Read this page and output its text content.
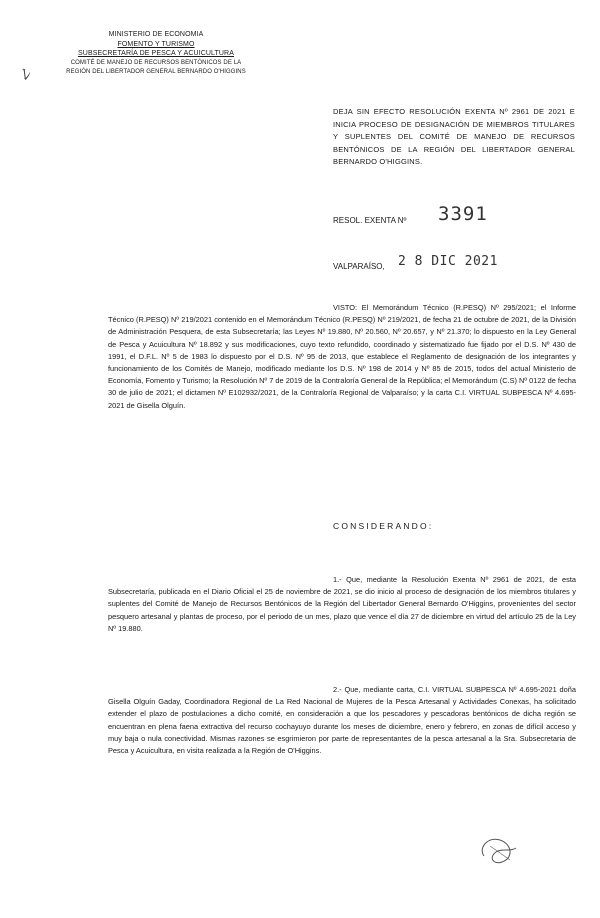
ﾚ
MINISTERIO DE ECONOMIA
FOMENTO Y TURISMO
SUBSECRETARÍA DE PESCA Y ACUICULTURA
COMITÉ DE MANEJO DE RECURSOS BENTÓNICOS DE LA
REGIÓN DEL LIBERTADOR GENERAL BERNARDO O'HIGGINS
DEJA SIN EFECTO RESOLUCIÓN EXENTA Nº 2961 DE 2021 E INICIA PROCESO DE DESIGNACIÓN DE MIEMBROS TITULARES Y SUPLENTES DEL COMITÉ DE MANEJO DE RECURSOS BENTÓNICOS DE LA REGIÓN DEL LIBERTADOR GENERAL BERNARDO O'HIGGINS.
RESOL. EXENTA Nº 3391
VALPARAÍSO, 2 8 DIC 2021
VISTO: El Memorándum Técnico (R.PESQ) Nº 295/2021; el Informe Técnico (R.PESQ) Nº 219/2021 contenido en el Memorándum Técnico (R.PESQ) Nº 219/2021, de fecha 21 de octubre de 2021, de la División de Administración Pesquera, de esta Subsecretaría; las Leyes Nº 19.880, Nº 20.560, Nº 20.657, y Nº 21.370; lo dispuesto en la Ley General de Pesca y Acuicultura Nº 18.892 y sus modificaciones, cuyo texto refundido, coordinado y sistematizado fue fijado por el D.S. Nº 430 de 1991, el D.F.L. Nº 5 de 1983 lo dispuesto por el D.S. Nº 95 de 2013, que establece el Reglamento de designación de los integrantes y funcionamiento de los Comités de Manejo, modificado mediante los D.S. Nº 198 de 2014 y Nº 85 de 2015, todos del actual Ministerio de Economía, Fomento y Turismo; la Resolución Nº 7 de 2019 de la Contraloría General de la República; el Memorándum (C.S) Nº 0122 de fecha 30 de julio de 2021; el dictamen Nº E102932/2021, de la Contraloría Regional de Valparaíso; y la carta C.I. VIRTUAL SUBPESCA Nº 4.695-2021 de Gisella Olguín.
CONSIDERANDO:
1.- Que, mediante la Resolución Exenta Nº 2961 de 2021, de esta Subsecretaría, publicada en el Diario Oficial el 25 de noviembre de 2021, se dio inicio al proceso de designación de los miembros titulares y suplentes del Comité de Manejo de Recursos Bentónicos de la Región del Libertador General Bernardo O'Higgins, provenientes del sector pesquero artesanal y plantas de proceso, por el periodo de un mes, plazo que vence el día 27 de diciembre en virtud del artículo 25 de la Ley Nº 19.880.
2.- Que, mediante carta, C.I. VIRTUAL SUBPESCA Nº 4.695-2021 doña Gisella Olguín Gaday, Coordinadora Regional de La Red Nacional de Mujeres de la Pesca Artesanal y Actividades Conexas, ha solicitado extender el plazo de postulaciones a dicho comité, en consideración a que los pescadores y pescadoras bentónicos de dicha región se encuentran en plena faena extractiva del recurso cochayuyo durante los meses de diciembre, enero y febrero, en zonas de difícil acceso y muy baja o nula conectividad. Mismas razones se esgrimieron por parte de representantes de la pesca artesanal a la Sra. Subsecretaria de Pesca y Acuicultura, en visita realizada a la Región de O'Higgins.
